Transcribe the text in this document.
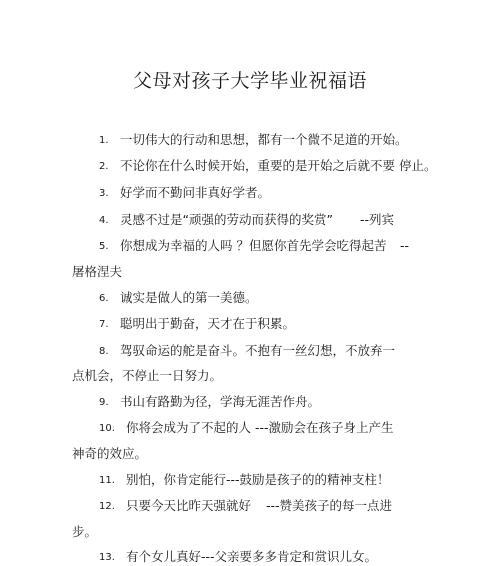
父母对孩子大学毕业祝福语
1. 一切伟大的行动和思想，都有一个微不足道的开始。
2. 不论你在什么时候开始，重要的是开始之后就不要 停止。
3. 好学而不勤问非真好学者。
4. 灵感不过是“顽强的劳动而获得的奖赏” --列宾
5. 你想成为幸福的人吗 ？但愿你首先学会吃得起苦 --
屠格涅夫
6. 诚实是做人的第一美德。
7. 聪明出于勤奋，天才在于积累。
8. 驾驭命运的舵是奋斗。不抱有一丝幻想，不放弃一
点机会，不停止一日努力。
9. 书山有路勤为径，学海无涯苦作舟。
10. 你将会成为了不起的人 ---激励会在孩子身上产生
神奇的效应。
11. 别怕，你肯定能行---鼓励是孩子的的精神支柱！
12. 只要今天比昨天强就好 ---赞美孩子的每一点进
步。
13. 有个女儿真好---父亲要多多肯定和赏识儿女。
